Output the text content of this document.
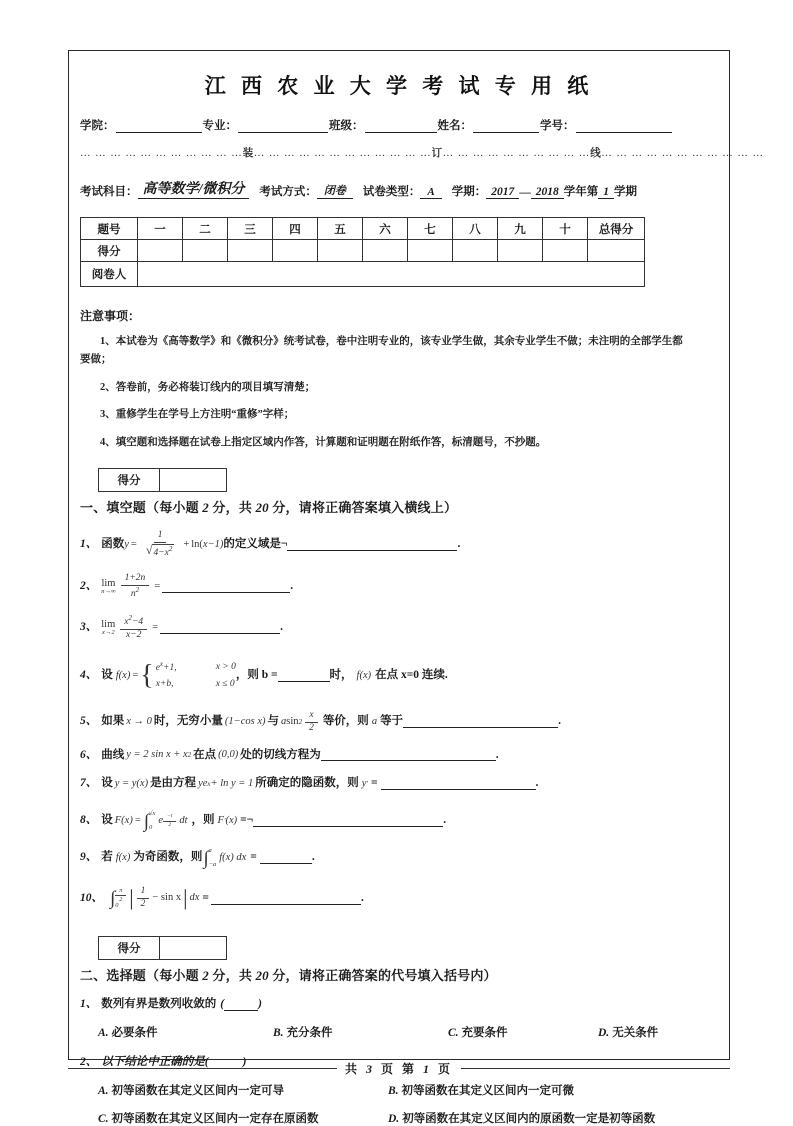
江 西 农 业 大 学 考 试 专 用 纸
学院：	专业：	班级：	姓名：	学号：
… … … … … … … … … … …装… … … … … … … … … … … …订… … … … … … … … … …线… … … … … … … … … … …
考试科目： 高等数学/微积分	考试方式： 闭卷	试卷类型： A	学期： 2017 — 2018 学年第 1 学期
题号	一	二	三	四	五	六	七	八	九	十	总得分
得分											
阅卷人											
注意事项：
1、本试卷为《高等数学》和《微积分》统考试卷，卷中注明专业的，该专业学生做，其余专业学生不做；未注明的全部学生都要做；
2、答卷前，务必将装订线内的项目填写清楚；
3、重修学生在学号上方注明“重修”字样；
4、填空题和选择题在试卷上指定区域内作答，计算题和证明题在附纸作答，标清题号，不抄题。
得分	
一、填空题（每小题 2 分，共 20 分，请将正确答案填入横线上）
1、 函数 $y = \frac{1}{√ 4-x^2} + \ln$( x−1) 的定义域是¬	.
2、 lim
$n\to\infty \frac{1+2n}{n^2}$ =	.
3、 lim
$x\to 2 \frac{x^2-4}{x-2}$ =	.
4、 设 f(x) = { $e^x+1$,	x > 0
x+b,	x ≤ 0
，则 b =	时， f(x) 在点 x=0 连续.
5、 如果 x → 0 时，无穷小量 (1−cos x) 与 a $\sin 2 \frac{x}{2}$ 等价，则 a 等于	.
6、 曲线 y = 2 sin x + x 2 在点 (0,0) 处的切线方程为	.
7、 设 y = y(x) 是由方程 ye x + ln y = 1 所确定的隐函数，则 y ′ =	.
8、 设 F(x) = ∫ √x
0
e $\frac{-t}{2}$ dt ，则 F ′ (x) =¬	.
9、 若 f(x) 为奇函数，则 ∫ a
−a
f(x) dx =	.
10、 ∫ $\frac{\pi}{2}$
0 | $\frac{1}{2} - \sin x$ | dx =	.
得分	
二、选择题（每小题 2 分，共 20 分，请将正确答案的代号填入括号内）
1、 数列有界是数列收敛的 (	)
A. 必要条件	B. 充分条件	C. 充要条件	D. 无关条件
2、 以下结论中正确的是 (	)
A. 初等函数在其定义区间内一定可导	B. 初等函数在其定义区间内一定可微
C. 初等函数在其定义区间内一定存在原函数	D. 初等函数在其定义区间内的原函数一定是初等函数
共 3 页 第 1 页
